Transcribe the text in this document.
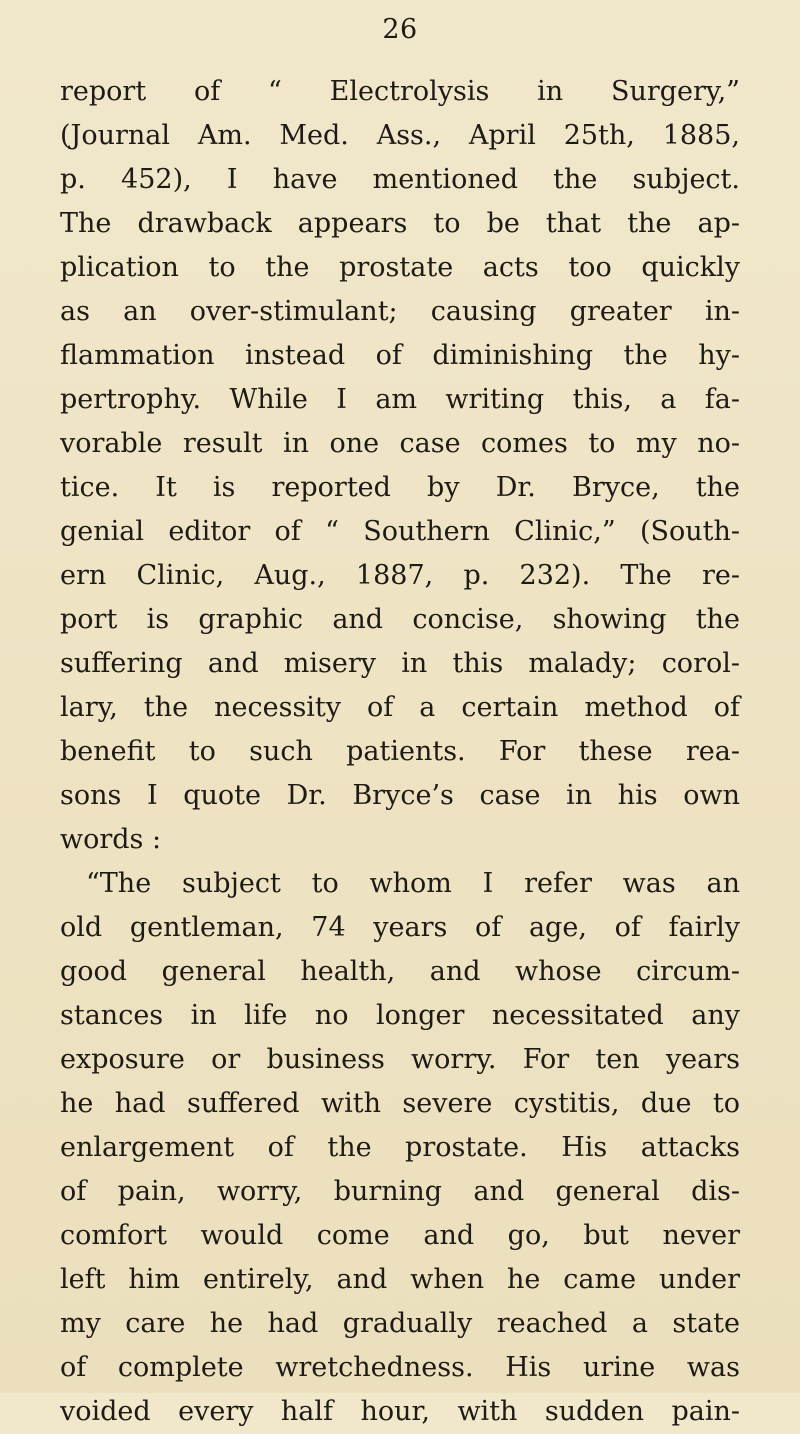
26
report of “ Electrolysis in Surgery,”
(Journal Am. Med. Ass., April 25th, 1885,
p. 452), I have mentioned the subject.
The drawback appears to be that the ap-
plication to the prostate acts too quickly
as an over-stimulant; causing greater in-
flammation instead of diminishing the hy-
pertrophy. While I am writing this, a fa-
vorable result in one case comes to my no-
tice. It is reported by Dr. Bryce, the
genial editor of “ Southern Clinic,” (South-
ern Clinic, Aug., 1887, p. 232). The re-
port is graphic and concise, showing the
suffering and misery in this malady; corol-
lary, the necessity of a certain method of
benefit to such patients. For these rea-
sons I quote Dr. Bryce’s case in his own
words :
“The subject to whom I refer was an
old gentleman, 74 years of age, of fairly
good general health, and whose circum-
stances in life no longer necessitated any
exposure or business worry. For ten years
he had suffered with severe cystitis, due to
enlargement of the prostate. His attacks
of pain, worry, burning and general dis-
comfort would come and go, but never
left him entirely, and when he came under
my care he had gradually reached a state
of complete wretchedness. His urine was
voided every half hour, with sudden pain-
